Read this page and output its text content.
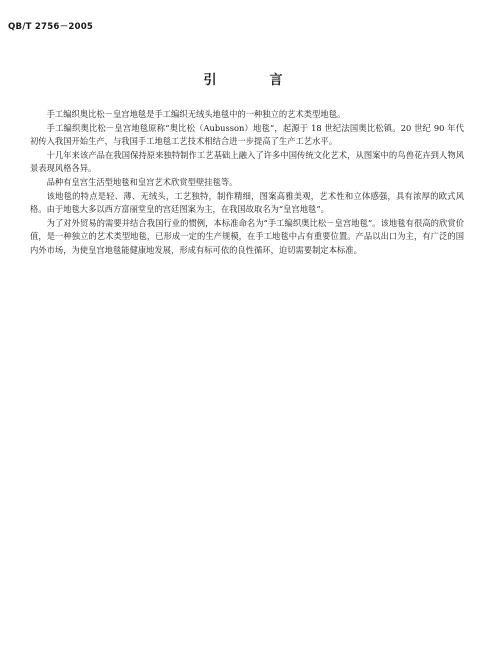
QB/T 2756－2005
引　言

手工编织奥比松－皇宫地毯是手工编织无绒头地毯中的一种独立的艺术类型地毯。

手工编织奥比松－皇宫地毯原称“奥比松（Aubusson）地毯”，起源于 18 世纪法国奥比松镇。20 世纪 90 年代初传入我国开始生产，与我国手工地毯工艺技术相结合进一步提高了生产工艺水平。

十几年来该产品在我国保持原来独特制作工艺基础上融入了许多中国传统文化艺术，从图案中的鸟兽花卉到人物风景表现风格各异。

品种有皇宫生活型地毯和皇宫艺术欣赏型壁挂毯等。

该地毯的特点是轻、薄、无绒头，工艺独特，制作精细，图案高雅美观，艺术性和立体感强，具有浓厚的欧式风格。由于地毯大多以西方富丽堂皇的宫廷图案为主，在我国故取名为“皇宫地毯”。

为了对外贸易的需要并结合我国行业的惯例，本标准命名为“手工编织奥比松－皇宫地毯”。该地毯有很高的欣赏价值，是一种独立的艺术类型地毯，已形成一定的生产规模，在手工地毯中占有重要位置。产品以出口为主，有广泛的国内外市场，为使皇宫地毯能健康地发展，形成有标可依的良性循环，迫切需要制定本标准。
